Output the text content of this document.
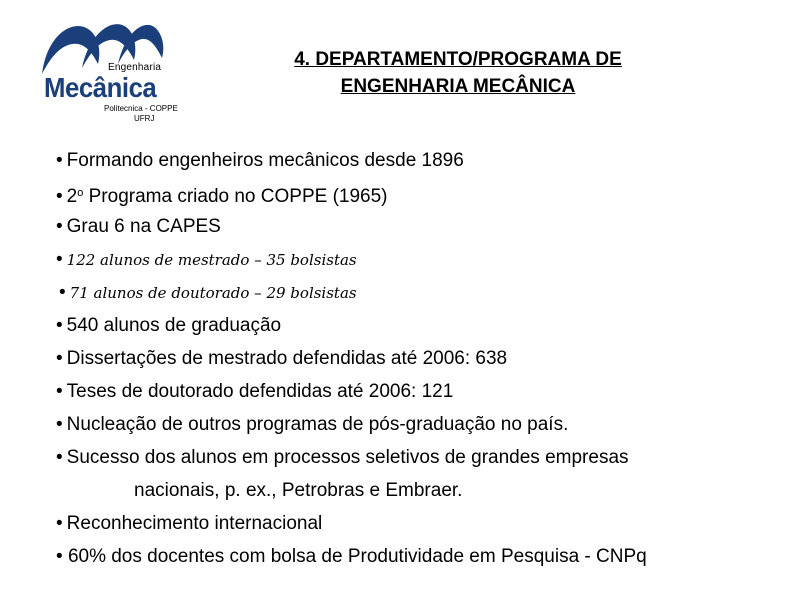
Engenharia
Mecânica
Politecnica - COPPE
UFRJ
4. DEPARTAMENTO/PROGRAMA DE
ENGENHARIA MECÂNICA
• Formando engenheiros mecânicos desde 1896
• 2$^o$ Programa criado no COPPE (1965)
• Grau 6 na CAPES
• 122 alunos de mestrado – 35 bolsistas
• 71 alunos de doutorado – 29 bolsistas
• 540 alunos de graduação
• Dissertações de mestrado defendidas até 2006: 638
• Teses de doutorado defendidas até 2006: 121
• Nucleação de outros programas de pós-graduação no país.
• Sucesso dos alunos em processos seletivos de grandes empresas
nacionais, p. ex., Petrobras e Embraer.
• Reconhecimento internacional
• 60% dos docentes com bolsa de Produtividade em Pesquisa - CNPq
